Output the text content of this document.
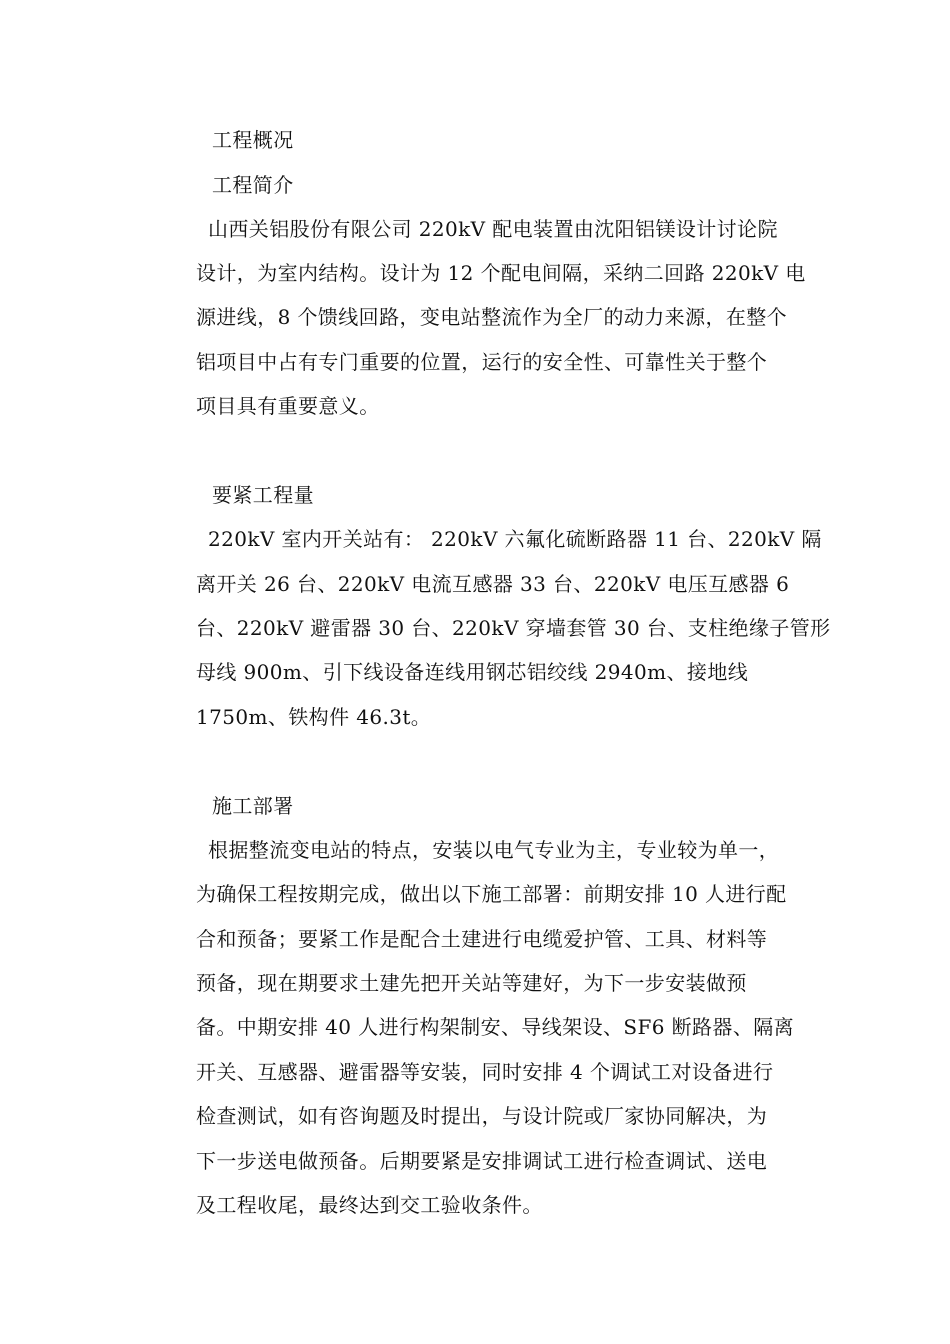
工程概况
工程简介
山西关铝股份有限公司 220kV 配电装置由沈阳铝镁设计讨论院
设计，为室内结构。设计为 12 个配电间隔，采纳二回路 220kV 电
源进线，8 个馈线回路，变电站整流作为全厂的动力来源，在整个
铝项目中占有专门重要的位置，运行的安全性、可靠性关于整个
项目具有重要意义。
要紧工程量
220kV 室内开关站有： 220kV 六氟化硫断路器 11 台、220kV 隔
离开关 26 台、220kV 电流互感器 33 台、220kV 电压互感器 6
台、220kV 避雷器 30 台、220kV 穿墙套管 30 台、支柱绝缘子管形
母线 900m、引下线设备连线用钢芯铝绞线 2940m、接地线
1750m、铁构件 46.3t。
施工部署
根据整流变电站的特点，安装以电气专业为主，专业较为单一，
为确保工程按期完成，做出以下施工部署：前期安排 10 人进行配
合和预备；要紧工作是配合土建进行电缆爱护管、工具、材料等
预备，现在期要求土建先把开关站等建好，为下一步安装做预
备。中期安排 40 人进行构架制安、导线架设、SF6 断路器、隔离
开关、互感器、避雷器等安装，同时安排 4 个调试工对设备进行
检查测试，如有咨询题及时提出，与设计院或厂家协同解决，为
下一步送电做预备。后期要紧是安排调试工进行检查调试、送电
及工程收尾，最终达到交工验收条件。
